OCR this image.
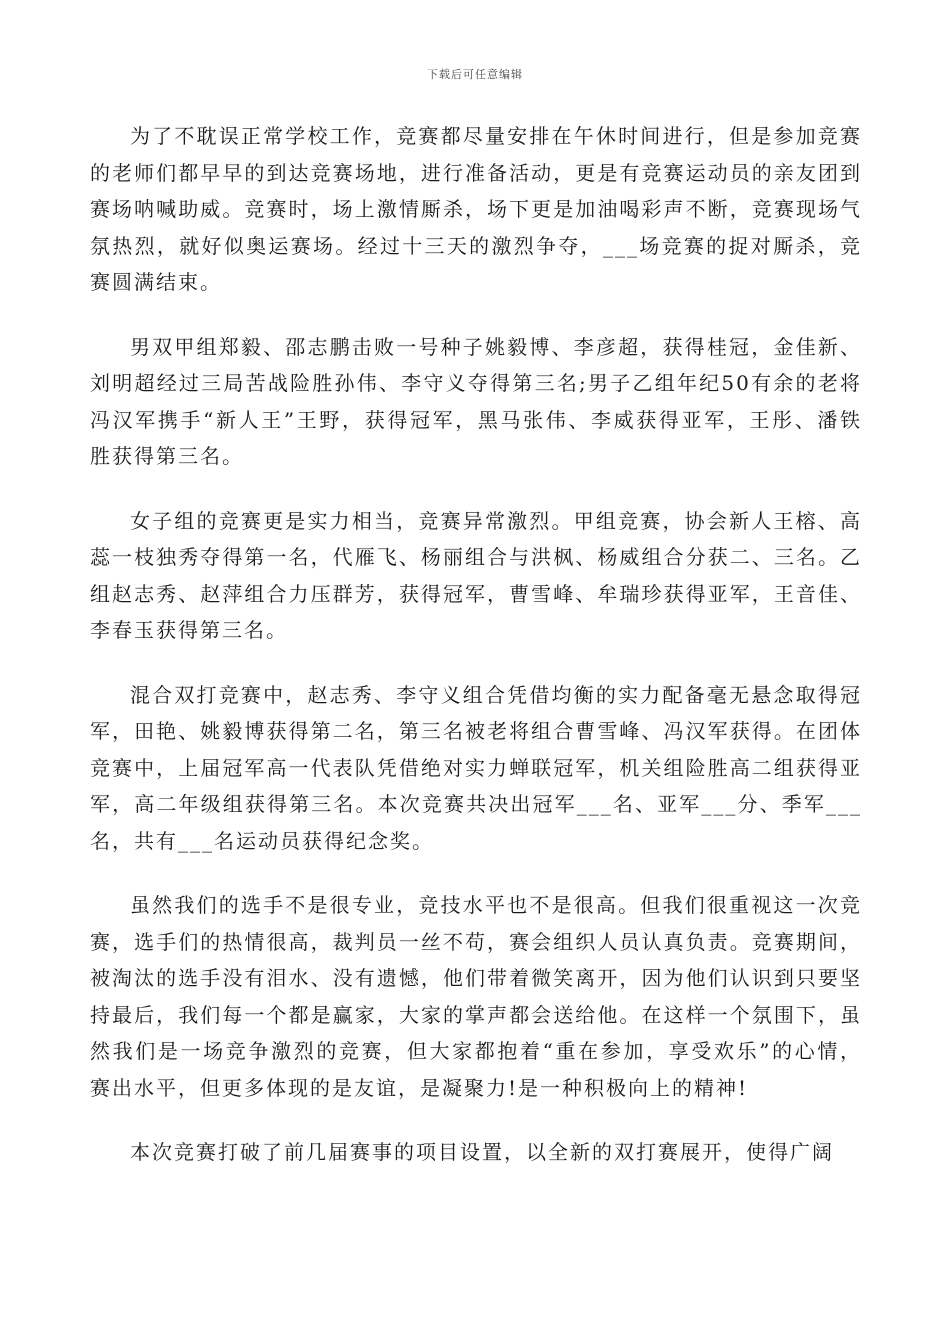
下载后可任意编辑

为了不耽误正常学校工作，竞赛都尽量安排在午休时间进行，但是参加竞赛的老师们都早早的到达竞赛场地，进行准备活动，更是有竞赛运动员的亲友团到赛场呐喊助威。竞赛时，场上激情厮杀，场下更是加油喝彩声不断，竞赛现场气氛热烈，就好似奥运赛场。经过十三天的激烈争夺，___场竞赛的捉对厮杀，竞赛圆满结束。

男双甲组郑毅、邵志鹏击败一号种子姚毅博、李彦超，获得桂冠，金佳新、刘明超经过三局苦战险胜孙伟、李守义夺得第三名;男子乙组年纪50有余的老将冯汉军携手“新人王”王野，获得冠军，黑马张伟、李威获得亚军，王彤、潘铁胜获得第三名。

女子组的竞赛更是实力相当，竞赛异常激烈。甲组竞赛，协会新人王榕、高蕊一枝独秀夺得第一名，代雁飞、杨丽组合与洪枫、杨威组合分获二、三名。乙组赵志秀、赵萍组合力压群芳，获得冠军，曹雪峰、牟瑞珍获得亚军，王音佳、李春玉获得第三名。

混合双打竞赛中，赵志秀、李守义组合凭借均衡的实力配备毫无悬念取得冠军，田艳、姚毅博获得第二名，第三名被老将组合曹雪峰、冯汉军获得。在团体竞赛中，上届冠军高一代表队凭借绝对实力蝉联冠军，机关组险胜高二组获得亚军，高二年级组获得第三名。本次竞赛共决出冠军___名、亚军___分、季军___名，共有___名运动员获得纪念奖。

虽然我们的选手不是很专业，竞技水平也不是很高。但我们很重视这一次竞赛，选手们的热情很高，裁判员一丝不苟，赛会组织人员认真负责。竞赛期间，被淘汰的选手没有泪水、没有遗憾，他们带着微笑离开，因为他们认识到只要坚持最后，我们每一个都是赢家，大家的掌声都会送给他。在这样一个氛围下，虽然我们是一场竞争激烈的竞赛，但大家都抱着“重在参加，享受欢乐”的心情，赛出水平，但更多体现的是友谊，是凝聚力!是一种积极向上的精神!

本次竞赛打破了前几届赛事的项目设置，以全新的双打赛展开，使得广阔
